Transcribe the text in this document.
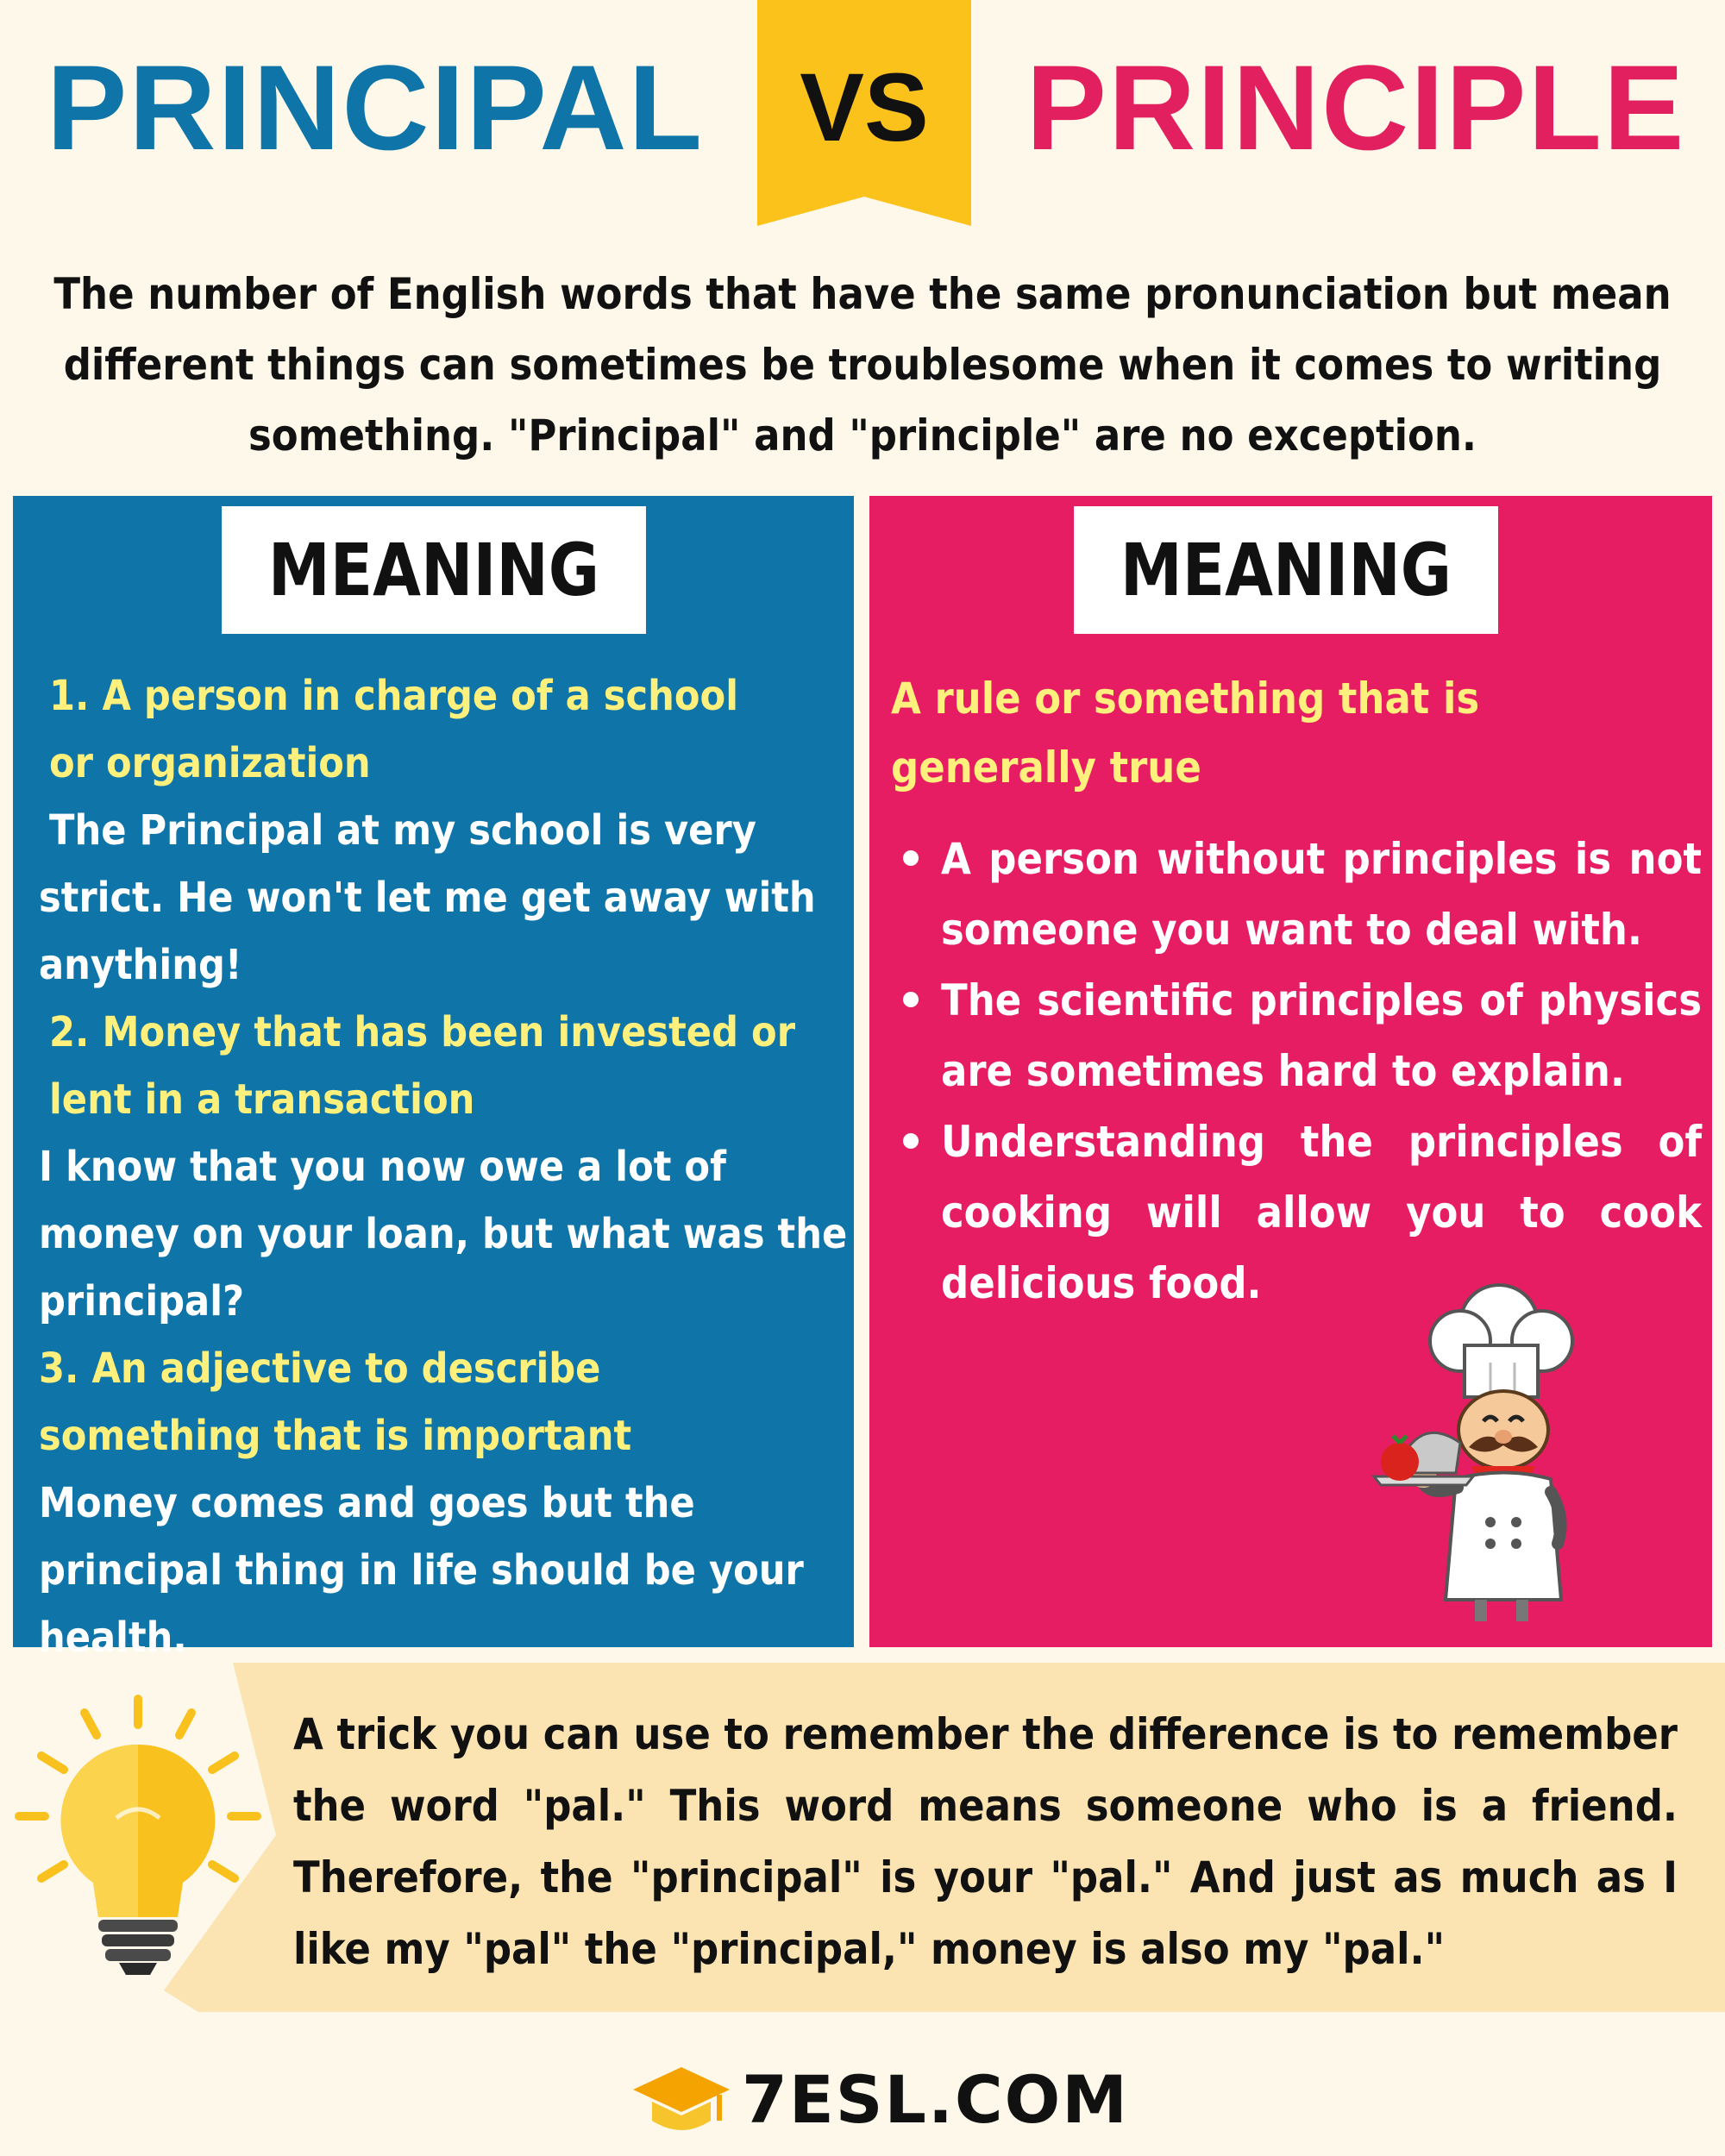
PRINCIPAL VS PRINCIPLE

The number of English words that have the same pronunciation but mean different things can sometimes be troublesome when it comes to writing something. "Principal" and "principle" are no exception.

MEANING
1. A person in charge of a school or organization
The Principal at my school is very strict. He won't let me get away with anything!
2. Money that has been invested or lent in a transaction
I know that you now owe a lot of money on your loan, but what was the principal?
3. An adjective to describe something that is important
Money comes and goes but the principal thing in life should be your health.
MEANING

A rule or something that is generally true

A person without principles is not someone you want to deal with.
The scientific principles of physics are sometimes hard to explain.
Understanding the principles of cooking will allow you to cook delicious food.

A trick you can use to remember the difference is to remember the word "pal." This word means someone who is a friend. Therefore, the "principal" is your "pal." And just as much as I like my "pal" the "principal," money is also my "pal."

7ESL.COM
